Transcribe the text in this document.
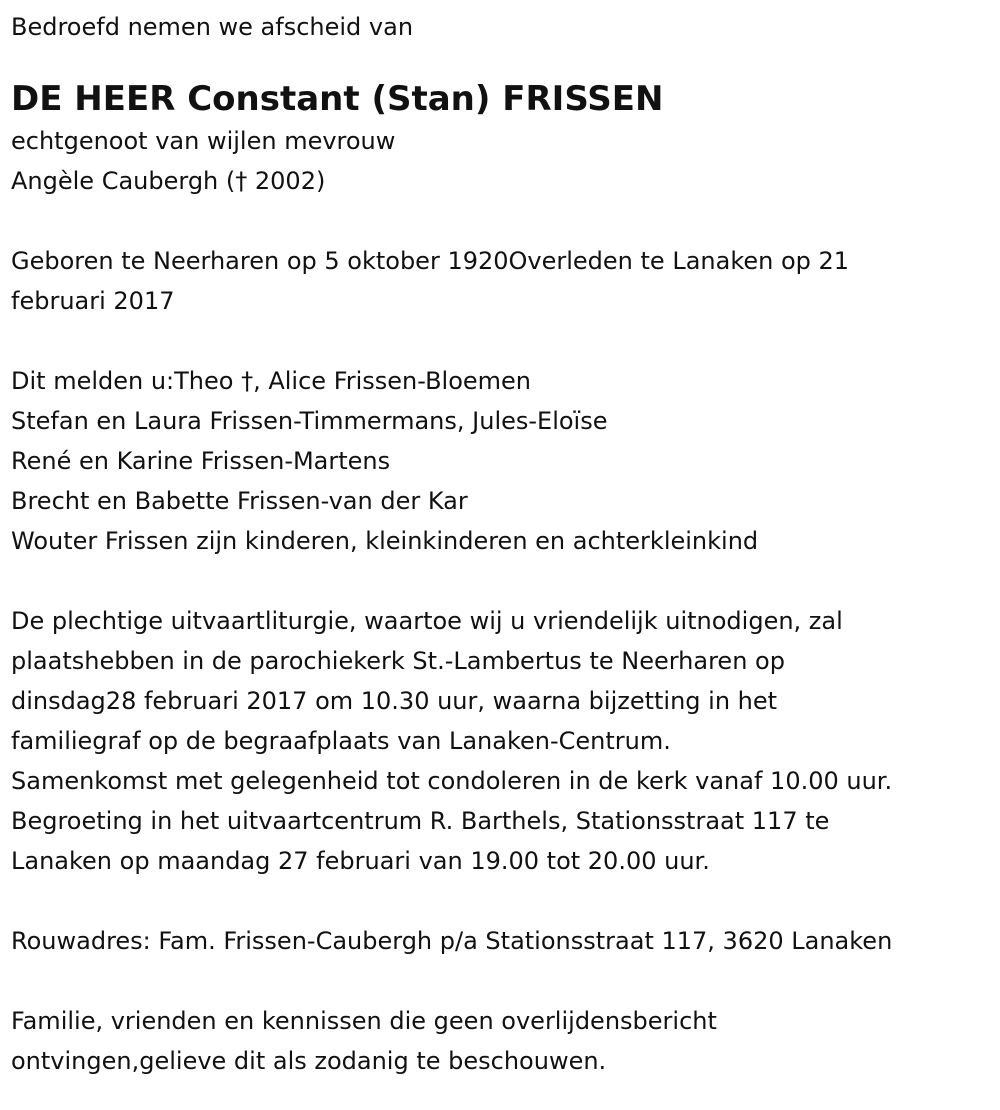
Bedroefd nemen we afscheid van

DE HEER Constant (Stan) FRISSEN

echtgenoot van wijlen mevrouw

Angèle Caubergh († 2002)

Geboren te Neerharen op 5 oktober 1920Overleden te Lanaken op 21

februari 2017

Dit melden u:Theo †, Alice Frissen-Bloemen

Stefan en Laura Frissen-Timmermans, Jules-Eloïse

René en Karine Frissen-Martens

Brecht en Babette Frissen-van der Kar

Wouter Frissen zijn kinderen, kleinkinderen en achterkleinkind

De plechtige uitvaartliturgie, waartoe wij u vriendelijk uitnodigen, zal

plaatshebben in de parochiekerk St.-Lambertus te Neerharen op

dinsdag28 februari 2017 om 10.30 uur, waarna bijzetting in het

familiegraf op de begraafplaats van Lanaken-Centrum.

Samenkomst met gelegenheid tot condoleren in de kerk vanaf 10.00 uur.

Begroeting in het uitvaartcentrum R. Barthels, Stationsstraat 117 te

Lanaken op maandag 27 februari van 19.00 tot 20.00 uur.

Rouwadres: Fam. Frissen-Caubergh p/a Stationsstraat 117, 3620 Lanaken

Familie, vrienden en kennissen die geen overlijdensbericht

ontvingen,gelieve dit als zodanig te beschouwen.
